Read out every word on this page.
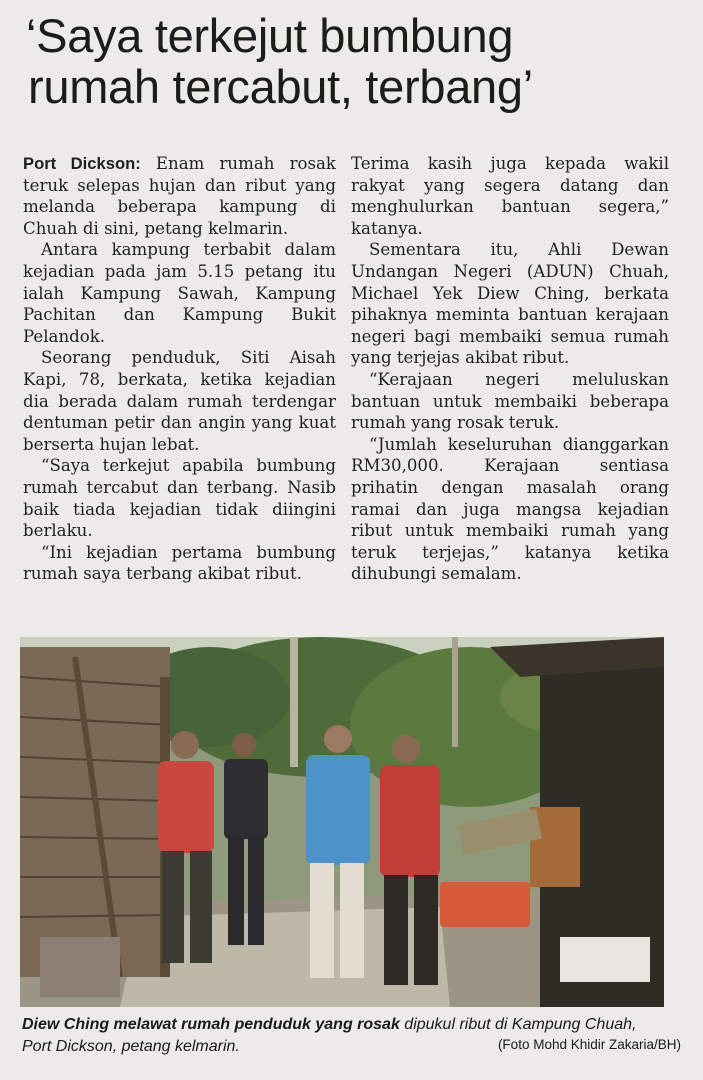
‘Saya terkejut bumbung
rumah tercabut, terbang’

Port Dickson: Enam rumah rosak teruk selepas hujan dan ribut yang melanda beberapa kampung di Chuah di sini, petang kelmarin.

Antara kampung terbabit dalam kejadian pada jam 5.15 petang itu ialah Kampung Sawah, Kampung Pachitan dan Kampung Bukit Pelandok.

Seorang penduduk, Siti Aisah Kapi, 78, berkata, ketika kejadian dia berada dalam rumah terdengar dentuman petir dan angin yang kuat berserta hujan lebat.

“Saya terkejut apabila bumbung rumah tercabut dan terbang. Nasib baik tiada kejadian tidak diingini berlaku.

“Ini kejadian pertama bumbung rumah saya terbang akibat ribut.

Terima kasih juga kepada wakil rakyat yang segera datang dan menghulurkan bantuan segera,” katanya.

Sementara itu, Ahli Dewan Undangan Negeri (ADUN) Chuah, Michael Yek Diew Ching, berkata pihaknya meminta bantuan kerajaan negeri bagi membaiki semua rumah yang terjejas akibat ribut.

“Kerajaan negeri meluluskan bantuan untuk membaiki beberapa rumah yang rosak teruk.

“Jumlah keseluruhan dianggarkan RM30,000. Kerajaan sentiasa prihatin dengan masalah orang ramai dan juga mangsa kejadian ribut untuk membaiki rumah yang teruk terjejas,” katanya ketika dihubungi semalam.

Diew Ching melawat rumah penduduk yang rosak dipukul ribut di Kampung Chuah, Port Dickson, petang kelmarin.	(Foto Mohd Khidir Zakaria/BH)
